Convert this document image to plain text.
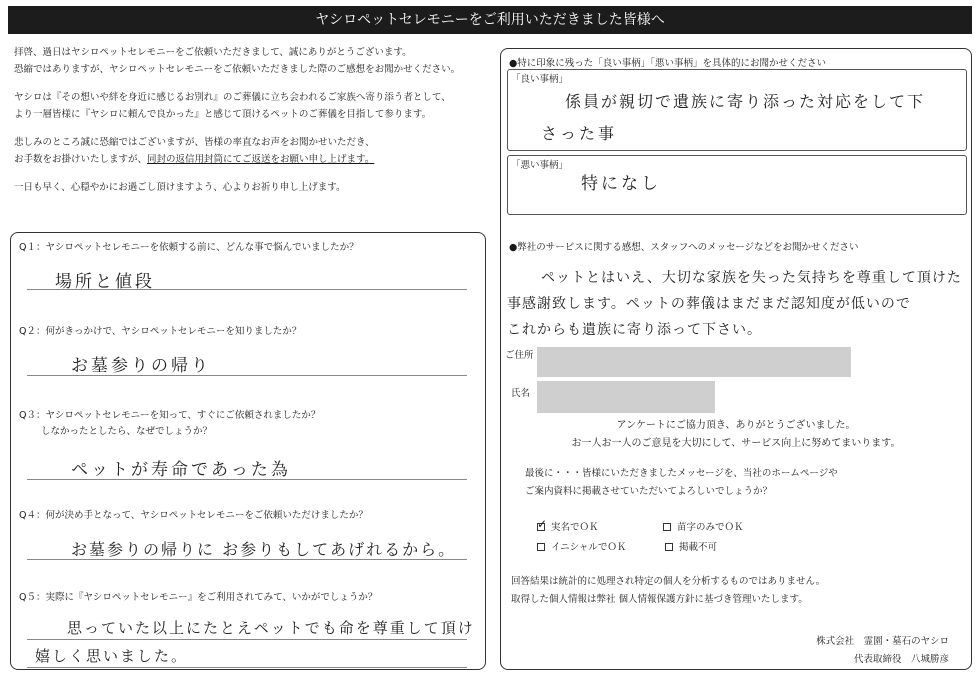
ヤシロペットセレモニーをご利用いただきました皆様へ

拝啓、過日はヤシロペットセレモニーをご依頼いただきまして、誠にありがとうございます。
恐縮ではありますが、ヤシロペットセレモニーをご依頼いただきました際のご感想をお聞かせください。

ヤシロは『その想いや絆を身近に感じるお別れ』のご葬儀に立ち会われるご家族へ寄り添う者として、
より一層皆様に『ヤシロに頼んで良かった』と感じて頂けるペットのご葬儀を目指して参ります。

悲しみのところ誠に恐縮ではございますが、皆様の率直なお声をお聞かせいただき、
お手数をお掛けいたしますが、同封の返信用封筒にてご返送をお願い申し上げます。

一日も早く、心穏やかにお過ごし頂けますよう、心よりお祈り申し上げます。

Q１：ヤシロペットセレモニーを依頼する前に、どんな事で悩んでいましたか？
場所と値段
Q２：何がきっかけで、ヤシロペットセレモニーを知りましたか？
お墓参りの帰り
Q３：ヤシロペットセレモニーを知って、すぐにご依頼されましたか？
しなかったとしたら、なぜでしょうか？
ペットが寿命であった為
Q４：何が決め手となって、ヤシロペットセレモニーをご依頼いただけましたか？
お墓参りの帰りに お参りもしてあげれるから。
Q５：実際に『ヤシロペットセレモニー』をご利用されてみて、いかがでしょうか？
思っていた以上にたとえペットでも命を尊重して頂け
嬉しく思いました。
●特に印象に残った「良い事柄」「悪い事柄」を具体的にお聞かせください
「良い事柄」
係員が親切で遺族に寄り添った対応をして下
さった事
「悪い事柄」
特になし
●弊社のサービスに関する感想、スタッフへのメッセージなどをお聞かせください
ペットとはいえ、大切な家族を失った気持ちを尊重して頂けた
事感謝致します。ペットの葬儀はまだまだ認知度が低いので
これからも遺族に寄り添って下さい。
ご住所
氏名
アンケートにご協力頂き、ありがとうございました。
お一人お一人のご意見を大切にして、サービス向上に努めてまいります。
最後に・・・皆様にいただきましたメッセージを、当社のホームページや
ご案内資料に掲載させていただいてよろしいでしょうか？
✓ 実名でＯＫ	苗字のみでＯＫ
イニシャルでＯＫ	掲載不可
回答結果は統計的に処理され特定の個人を分析するものではありません。
取得した個人情報は弊社 個人情報保護方針に基づき管理いたします。
株式会社　霊園・墓石のヤシロ
代表取締役　八城勝彦
